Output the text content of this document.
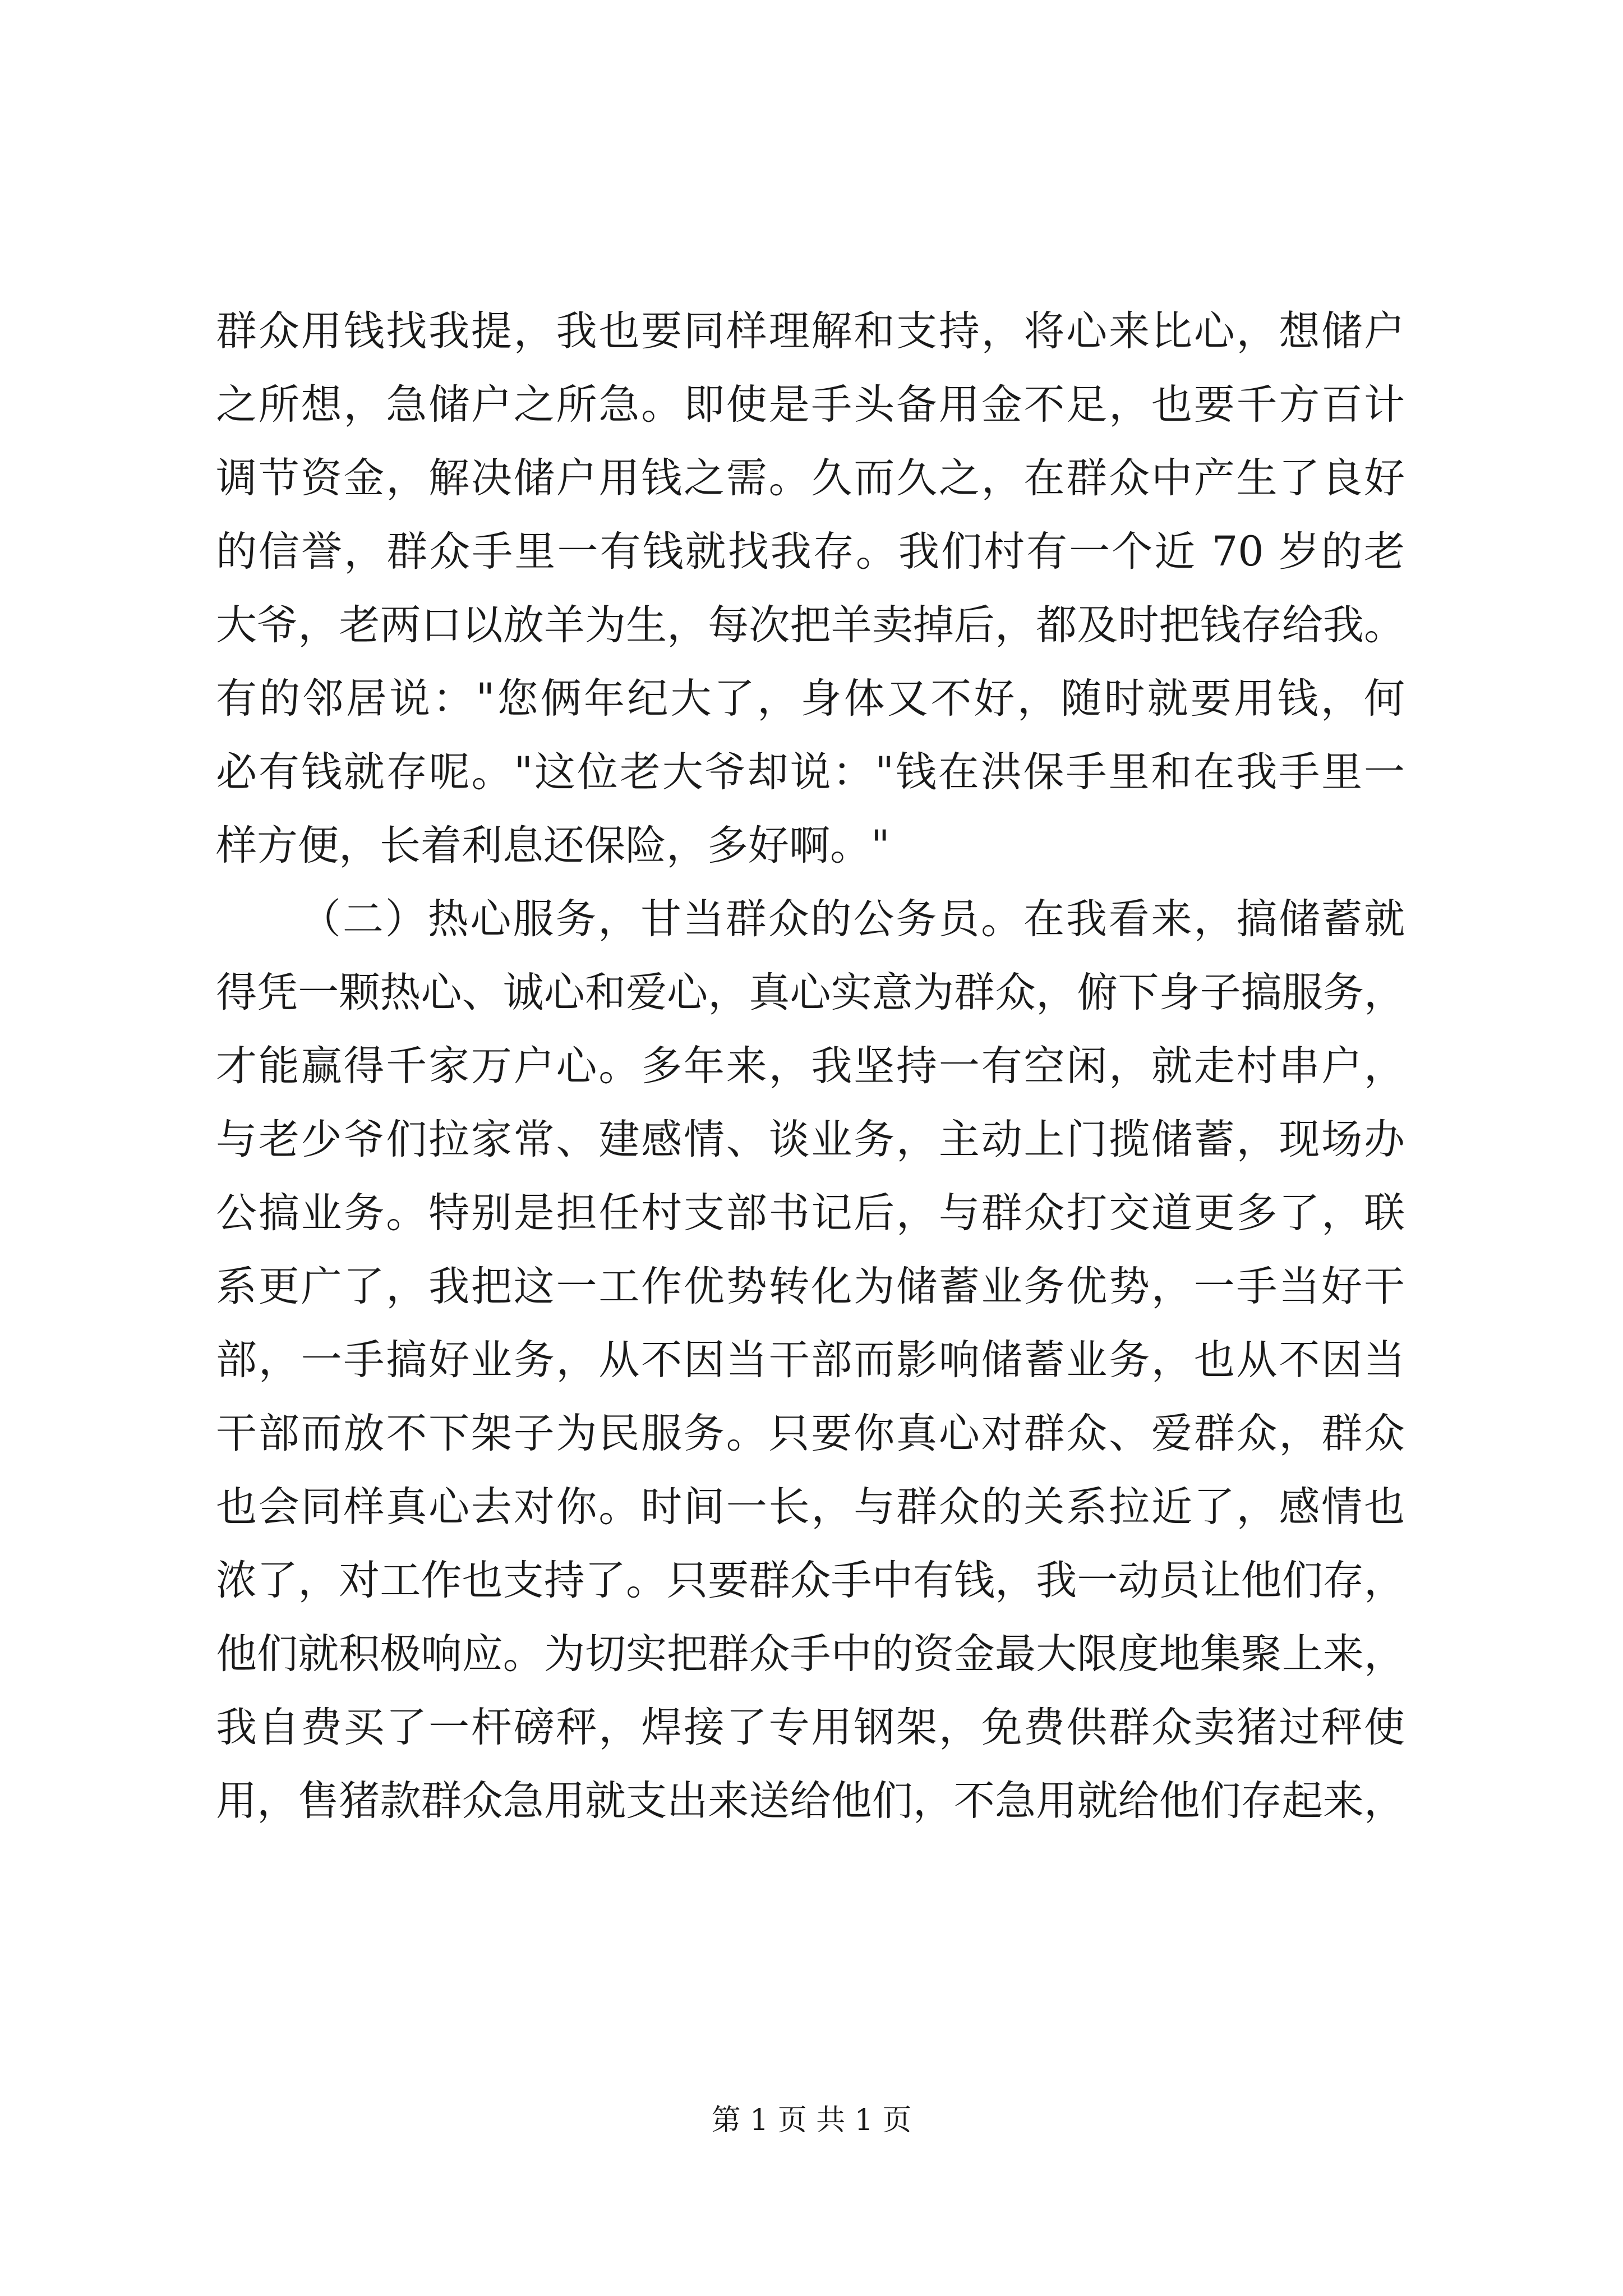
群众用钱找我提，我也要同样理解和支持，将心来比心，想储户
之所想，急储户之所急。即使是手头备用金不足，也要千方百计
调节资金，解决储户用钱之需。久而久之，在群众中产生了良好
的信誉，群众手里一有钱就找我存。我们村有一个近 70 岁的老
大爷，老两口以放羊为生，每次把羊卖掉后，都及时把钱存给我。
有的邻居说："您俩年纪大了，身体又不好，随时就要用钱，何
必有钱就存呢。"这位老大爷却说："钱在洪保手里和在我手里一
样方便，长着利息还保险，多好啊。"
（二）热心服务，甘当群众的公务员。在我看来，搞储蓄就
得凭一颗热心、诚心和爱心，真心实意为群众，俯下身子搞服务，
才能赢得千家万户心。多年来，我坚持一有空闲，就走村串户，
与老少爷们拉家常、建感情、谈业务，主动上门揽储蓄，现场办
公搞业务。特别是担任村支部书记后，与群众打交道更多了，联
系更广了，我把这一工作优势转化为储蓄业务优势，一手当好干
部，一手搞好业务，从不因当干部而影响储蓄业务，也从不因当
干部而放不下架子为民服务。只要你真心对群众、爱群众，群众
也会同样真心去对你。时间一长，与群众的关系拉近了，感情也
浓了，对工作也支持了。只要群众手中有钱，我一动员让他们存，
他们就积极响应。为切实把群众手中的资金最大限度地集聚上来，
我自费买了一杆磅秤，焊接了专用钢架，免费供群众卖猪过秤使
用，售猪款群众急用就支出来送给他们，不急用就给他们存起来，
第 1 页 共 1 页
